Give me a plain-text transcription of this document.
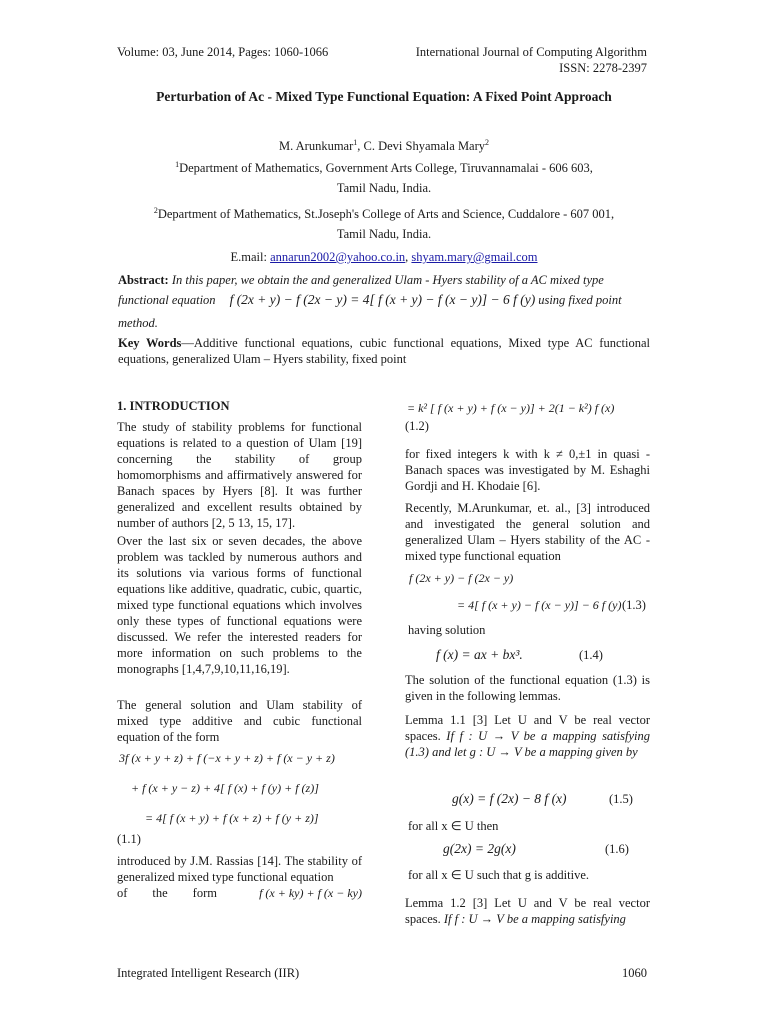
Volume: 03, June 2014, Pages: 1060-1066	International Journal of Computing Algorithm
ISSN: 2278-2397
Perturbation of Ac - Mixed Type Functional Equation: A Fixed Point Approach
M. Arunkumar$^1$, C. Devi Shyamala Mary$^2$
$^1$Department of Mathematics, Government Arts College, Tiruvannamalai - 606 603,
Tamil Nadu, India.
$^2$Department of Mathematics, St.Joseph's College of Arts and Science, Cuddalore - 607 001,
Tamil Nadu, India.
E.mail: annarun2002@yahoo.co.in, shyam.mary@gmail.com
Abstract: In this paper, we obtain the and generalized Ulam - Hyers stability of a AC mixed type
functional equation f (2x + y) − f (2x − y) = 4[ f (x + y) − f (x − y)] − 6 f (y) using fixed point
method.
Key Words—Additive functional equations, cubic functional equations, Mixed type AC functional equations, generalized Ulam – Hyers stability, fixed point
1. INTRODUCTION
The study of stability problems for functional equations is related to a question of Ulam [19] concerning the stability of group homomorphisms and affirmatively answered for Banach spaces by Hyers [8]. It was further generalized and excellent results obtained by number of authors [2, 5 13, 15, 17].
Over the last six or seven decades, the above problem was tackled by numerous authors and its solutions via various forms of functional equations like additive, quadratic, cubic, quartic, mixed type functional equations which involves only these types of functional equations were discussed. We refer the interested readers for more information on such problems to the monographs [1,4,7,9,10,11,16,19].
The general solution and Ulam stability of mixed type additive and cubic functional equation of the form
3f (x + y + z) + f (−x + y + z) + f (x − y + z)
+ f (x + y − z) + 4[ f (x) + f (y) + f (z)]
= 4[ f (x + y) + f (x + z) + f (y + z)]
(1.1)
introduced by J.M. Rassias [14]. The stability of generalized mixed type functional equation
of        the        form	f (x + ky) + f (x − ky)
= k² [ f (x + y) + f (x − y)] + 2(1 − k²) f (x)
(1.2)
for fixed integers k with k ≠ 0,±1 in quasi - Banach spaces was investigated by M. Eshaghi Gordji and H. Khodaie [6].
Recently, M.Arunkumar, et. al., [3] introduced and investigated the general solution and generalized Ulam – Hyers stability of the AC - mixed type functional equation
f (2x + y) − f (2x − y)
= 4[ f (x + y) − f (x − y)] − 6 f (y) (1.3)
having solution
f (x) = ax + bx³.	(1.4)
The solution of the functional equation (1.3) is given in the following lemmas.
Lemma 1.1 [3] Let U and V be real vector spaces. If f : U → V be a mapping satisfying (1.3) and let g : U → V be a mapping given by
g(x) = f (2x) − 8 f (x)	(1.5)
for all x ∈ U then
g(2x) = 2g(x)	(1.6)
for all x ∈ U such that g is additive.
Lemma 1.2 [3] Let U and V be real vector spaces. If f : U → V be a mapping satisfying
Integrated Intelligent Research (IIR)	1060
